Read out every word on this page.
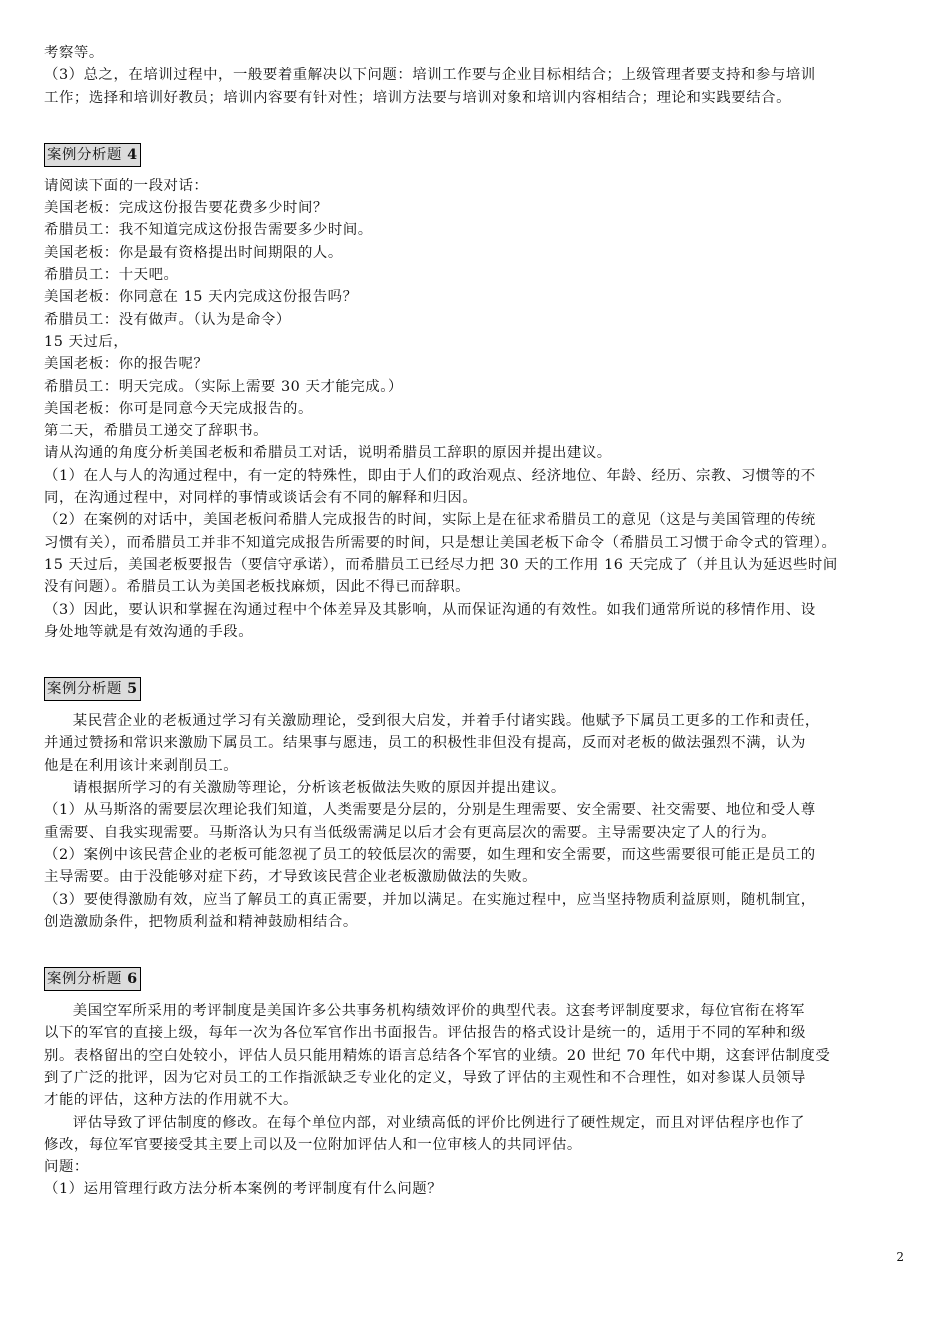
考察等。
（3）总之，在培训过程中，一般要着重解决以下问题：培训工作要与企业目标相结合；上级管理者要支持和参与培训
工作；选择和培训好教员；培训内容要有针对性；培训方法要与培训对象和培训内容相结合；理论和实践要结合。
案例分析题 4
请阅读下面的一段对话：
美国老板：完成这份报告要花费多少时间？
希腊员工：我不知道完成这份报告需要多少时间。
美国老板：你是最有资格提出时间期限的人。
希腊员工：十天吧。
美国老板：你同意在 15 天内完成这份报告吗？
希腊员工：没有做声。（认为是命令）
15 天过后，
美国老板：你的报告呢？
希腊员工：明天完成。（实际上需要 30 天才能完成。）
美国老板：你可是同意今天完成报告的。
第二天，希腊员工递交了辞职书。
请从沟通的角度分析美国老板和希腊员工对话，说明希腊员工辞职的原因并提出建议。
（1）在人与人的沟通过程中，有一定的特殊性，即由于人们的政治观点、经济地位、年龄、经历、宗教、习惯等的不
同，在沟通过程中，对同样的事情或谈话会有不同的解释和归因。
（2）在案例的对话中，美国老板问希腊人完成报告的时间，实际上是在征求希腊员工的意见（这是与美国管理的传统
习惯有关），而希腊员工并非不知道完成报告所需要的时间，只是想让美国老板下命令（希腊员工习惯于命令式的管理）。
15 天过后，美国老板要报告（要信守承诺），而希腊员工已经尽力把 30 天的工作用 16 天完成了（并且认为延迟些时间
没有问题）。希腊员工认为美国老板找麻烦，因此不得已而辞职。
（3）因此，要认识和掌握在沟通过程中个体差异及其影响，从而保证沟通的有效性。如我们通常所说的移情作用、设
身处地等就是有效沟通的手段。
案例分析题 5
某民营企业的老板通过学习有关激励理论，受到很大启发，并着手付诸实践。他赋予下属员工更多的工作和责任，
并通过赞扬和常识来激励下属员工。结果事与愿违，员工的积极性非但没有提高，反而对老板的做法强烈不满，认为
他是在利用该计来剥削员工。
请根据所学习的有关激励等理论，分析该老板做法失败的原因并提出建议。
（1）从马斯洛的需要层次理论我们知道，人类需要是分层的，分别是生理需要、安全需要、社交需要、地位和受人尊
重需要、自我实现需要。马斯洛认为只有当低级需满足以后才会有更高层次的需要。主导需要决定了人的行为。
（2）案例中该民营企业的老板可能忽视了员工的较低层次的需要，如生理和安全需要，而这些需要很可能正是员工的
主导需要。由于没能够对症下药，才导致该民营企业老板激励做法的失败。
（3）要使得激励有效，应当了解员工的真正需要，并加以满足。在实施过程中，应当坚持物质利益原则，随机制宜，
创造激励条件，把物质利益和精神鼓励相结合。
案例分析题 6
美国空军所采用的考评制度是美国许多公共事务机构绩效评价的典型代表。这套考评制度要求，每位官衔在将军
以下的军官的直接上级，每年一次为各位军官作出书面报告。评估报告的格式设计是统一的，适用于不同的军种和级
别。表格留出的空白处较小，评估人员只能用精炼的语言总结各个军官的业绩。20 世纪 70 年代中期，这套评估制度受
到了广泛的批评，因为它对员工的工作指派缺乏专业化的定义，导致了评估的主观性和不合理性，如对参谋人员领导
才能的评估，这种方法的作用就不大。
评估导致了评估制度的修改。在每个单位内部，对业绩高低的评价比例进行了硬性规定，而且对评估程序也作了
修改，每位军官要接受其主要上司以及一位附加评估人和一位审核人的共同评估。
问题：
（1）运用管理行政方法分析本案例的考评制度有什么问题？
2
